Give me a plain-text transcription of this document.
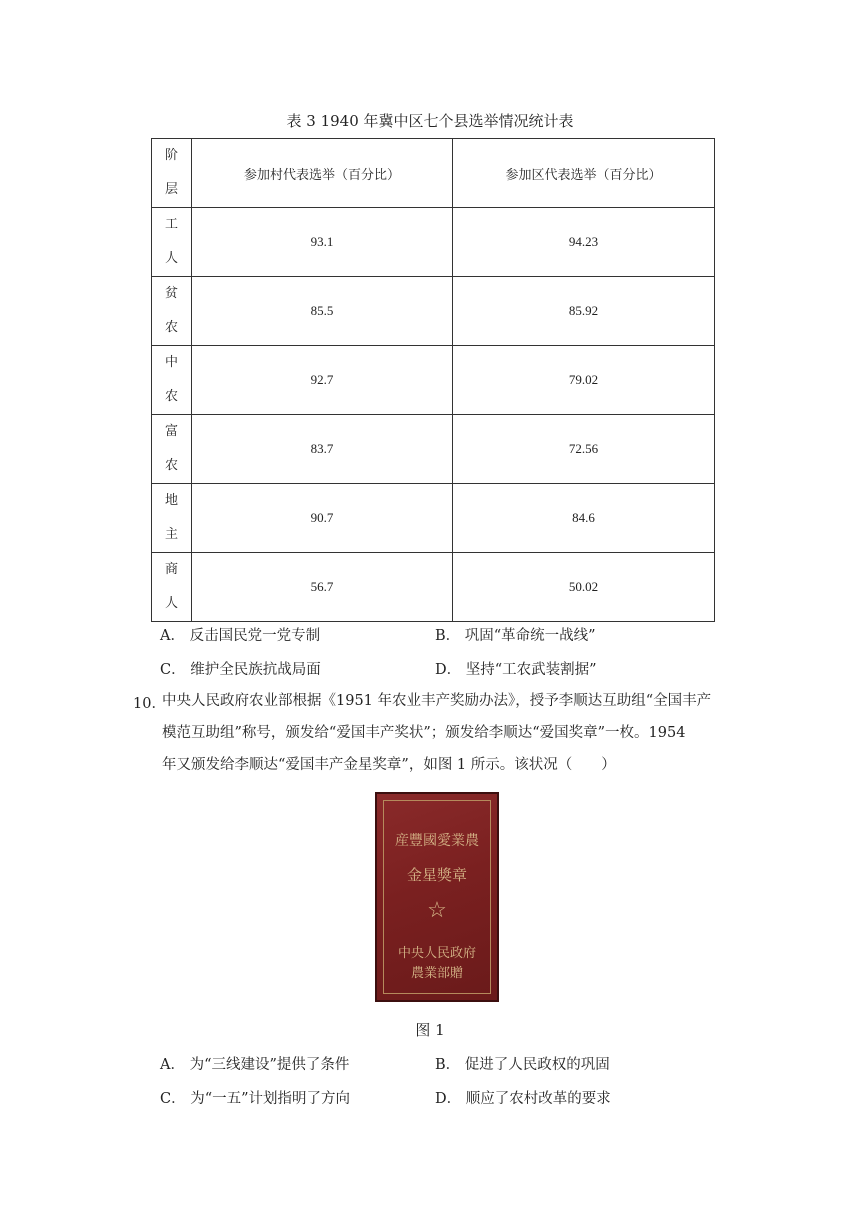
表 3 1940 年冀中区七个县选举情况统计表
阶
层	参加村代表选举（百分比）	参加区代表选举（百分比）

工
人	93.1	94.23

贫
农	85.5	85.92

中
农	92.7	79.02

富
农	83.7	72.56

地
主	90.7	84.6

商
人	56.7	50.02
A． 反击国民党一党专制	B． 巩固“革命统一战线”
C． 维护全民族抗战局面	D． 坚持“工农武装割据”
10．
中央人民政府农业部根据《1951 年农业丰产奖励办法》，授予李顺达互助组“全国丰产
模范互助组”称号，颁发给“爱国丰产奖状”；颁发给李顺达“爱国奖章”一枚。1954
年又颁发给李顺达“爱国丰产金星奖章”，如图 1 所示。该状况（　　）
産豐國愛業農
金星獎章
☆
中央人民政府
農業部贈
图 1
A． 为“三线建设”提供了条件	B． 促进了人民政权的巩固
C． 为“一五”计划指明了方向	D． 顺应了农村改革的要求
